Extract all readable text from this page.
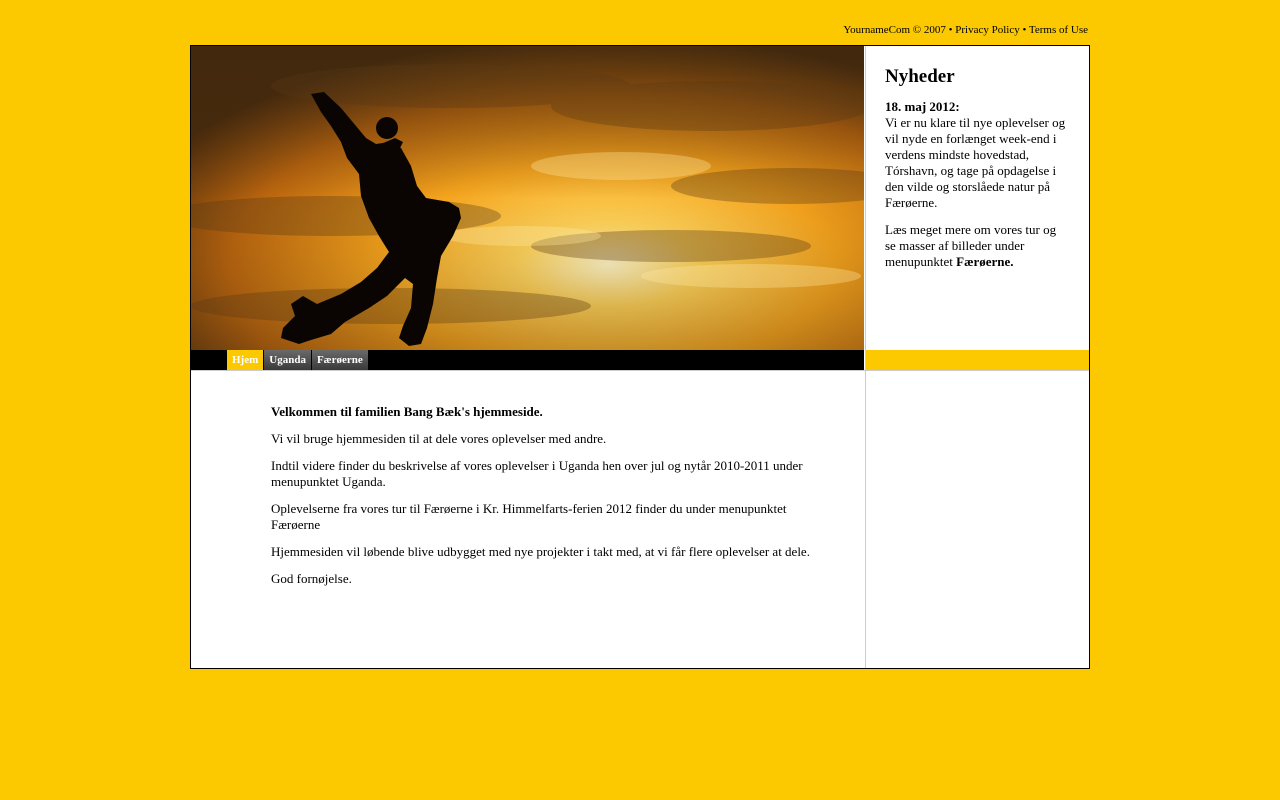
YournameCom © 2007 • Privacy Policy • Terms of Use
Nyheder

18. maj 2012:
Vi er nu klare til nye oplevelser og vil nyde en forlænget week-end i verdens mindste hovedstad, Tórshavn, og tage på opdagelse i den vilde og storslåede natur på Færøerne.

Læs meget mere om vores tur og se masser af billeder under menupunktet Færøerne.

Hjem	Uganda	Færøerne

Velkommen til familien Bang Bæk's hjemmeside.

Vi vil bruge hjemmesiden til at dele vores oplevelser med andre.

Indtil videre finder du beskrivelse af vores oplevelser i Uganda hen over jul og nytår 2010-2011 under menupunktet Uganda.

Oplevelserne fra vores tur til Færøerne i Kr. Himmelfarts-ferien 2012 finder du under menupunktet Færøerne

Hjemmesiden vil løbende blive udbygget med nye projekter i takt med, at vi får flere oplevelser at dele.

God fornøjelse.
